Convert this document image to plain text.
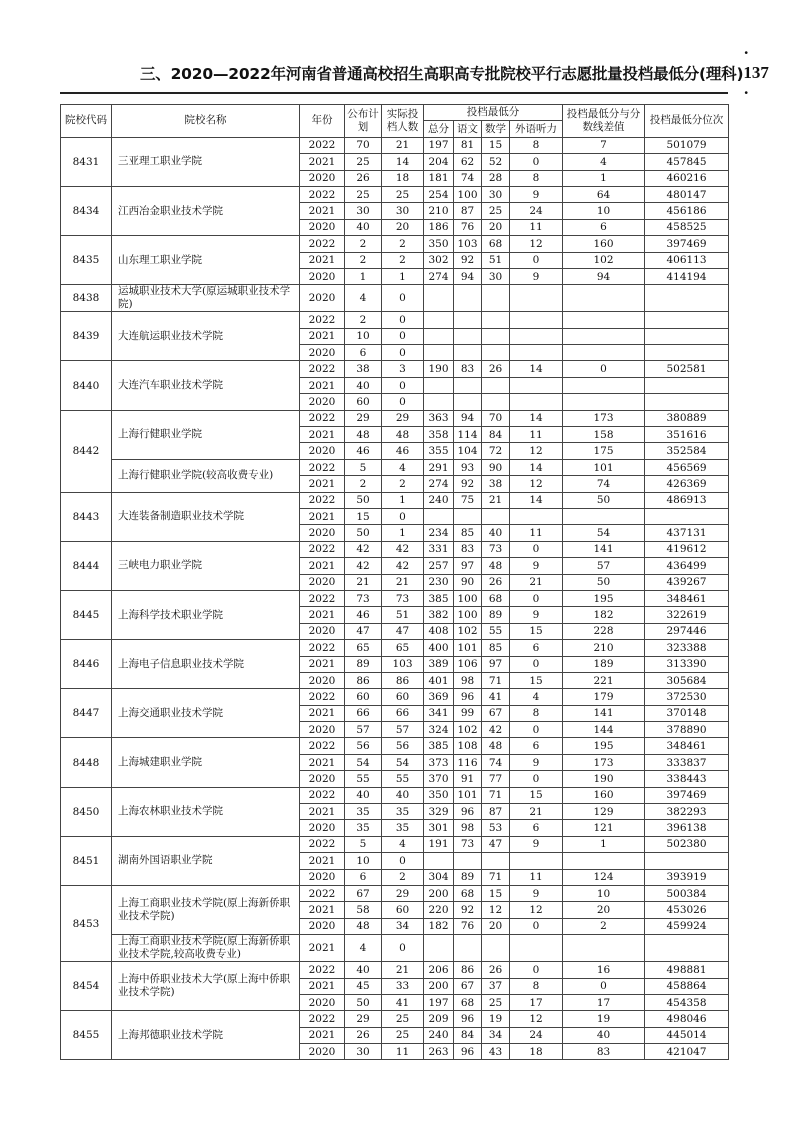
三、2020—2022年河南省普通高校招生高职高专批院校平行志愿批量投档最低分(理科)
· 137 ·
院校代码	院校名称	年份	公布计划	实际投档人数	投档最低分				投档最低分与分数线差值	投档最低分位次
					总分	语文	数学	外语听力		
8431	三亚理工职业学院	2022	70	21	197	81	15	8	7	501079
		2021	25	14	204	62	52	0	4	457845
		2020	26	18	181	74	28	8	1	460216
8434	江西冶金职业技术学院	2022	25	25	254	100	30	9	64	480147
		2021	30	30	210	87	25	24	10	456186
		2020	40	20	186	76	20	11	6	458525
8435	山东理工职业学院	2022	2	2	350	103	68	12	160	397469
		2021	2	2	302	92	51	0	102	406113
		2020	1	1	274	94	30	9	94	414194
8438	运城职业技术大学(原运城职业技术学院)	2020	4	0						
8439	大连航运职业技术学院	2022	2	0						
		2021	10	0						
		2020	6	0						
8440	大连汽车职业技术学院	2022	38	3	190	83	26	14	0	502581
		2021	40	0						
		2020	60	0						
8442	上海行健职业学院	2022	29	29	363	94	70	14	173	380889
		2021	48	48	358	114	84	11	158	351616
		2020	46	46	355	104	72	12	175	352584
	上海行健职业学院(较高收费专业)	2022	5	4	291	93	90	14	101	456569
		2021	2	2	274	92	38	12	74	426369
8443	大连装备制造职业技术学院	2022	50	1	240	75	21	14	50	486913
		2021	15	0						
		2020	50	1	234	85	40	11	54	437131
8444	三峡电力职业学院	2022	42	42	331	83	73	0	141	419612
		2021	42	42	257	97	48	9	57	436499
		2020	21	21	230	90	26	21	50	439267
8445	上海科学技术职业学院	2022	73	73	385	100	68	0	195	348461
		2021	46	51	382	100	89	9	182	322619
		2020	47	47	408	102	55	15	228	297446
8446	上海电子信息职业技术学院	2022	65	65	400	101	85	6	210	323388
		2021	89	103	389	106	97	0	189	313390
		2020	86	86	401	98	71	15	221	305684
8447	上海交通职业技术学院	2022	60	60	369	96	41	4	179	372530
		2021	66	66	341	99	67	8	141	370148
		2020	57	57	324	102	42	0	144	378890
8448	上海城建职业学院	2022	56	56	385	108	48	6	195	348461
		2021	54	54	373	116	74	9	173	333837
		2020	55	55	370	91	77	0	190	338443
8450	上海农林职业技术学院	2022	40	40	350	101	71	15	160	397469
		2021	35	35	329	96	87	21	129	382293
		2020	35	35	301	98	53	6	121	396138
8451	湖南外国语职业学院	2022	5	4	191	73	47	9	1	502380
		2021	10	0						
		2020	6	2	304	89	71	11	124	393919
8453	上海工商职业技术学院(原上海新侨职业技术学院)	2022	67	29	200	68	15	9	10	500384
		2021	58	60	220	92	12	12	20	453026
		2020	48	34	182	76	20	0	2	459924
	上海工商职业技术学院(原上海新侨职业技术学院,较高收费专业)	2021	4	0						
8454	上海中侨职业技术大学(原上海中侨职业技术学院)	2022	40	21	206	86	26	0	16	498881
		2021	45	33	200	67	37	8	0	458864
		2020	50	41	197	68	25	17	17	454358
8455	上海邦德职业技术学院	2022	29	25	209	96	19	12	19	498046
		2021	26	25	240	84	34	24	40	445014
		2020	30	11	263	96	43	18	83	421047
